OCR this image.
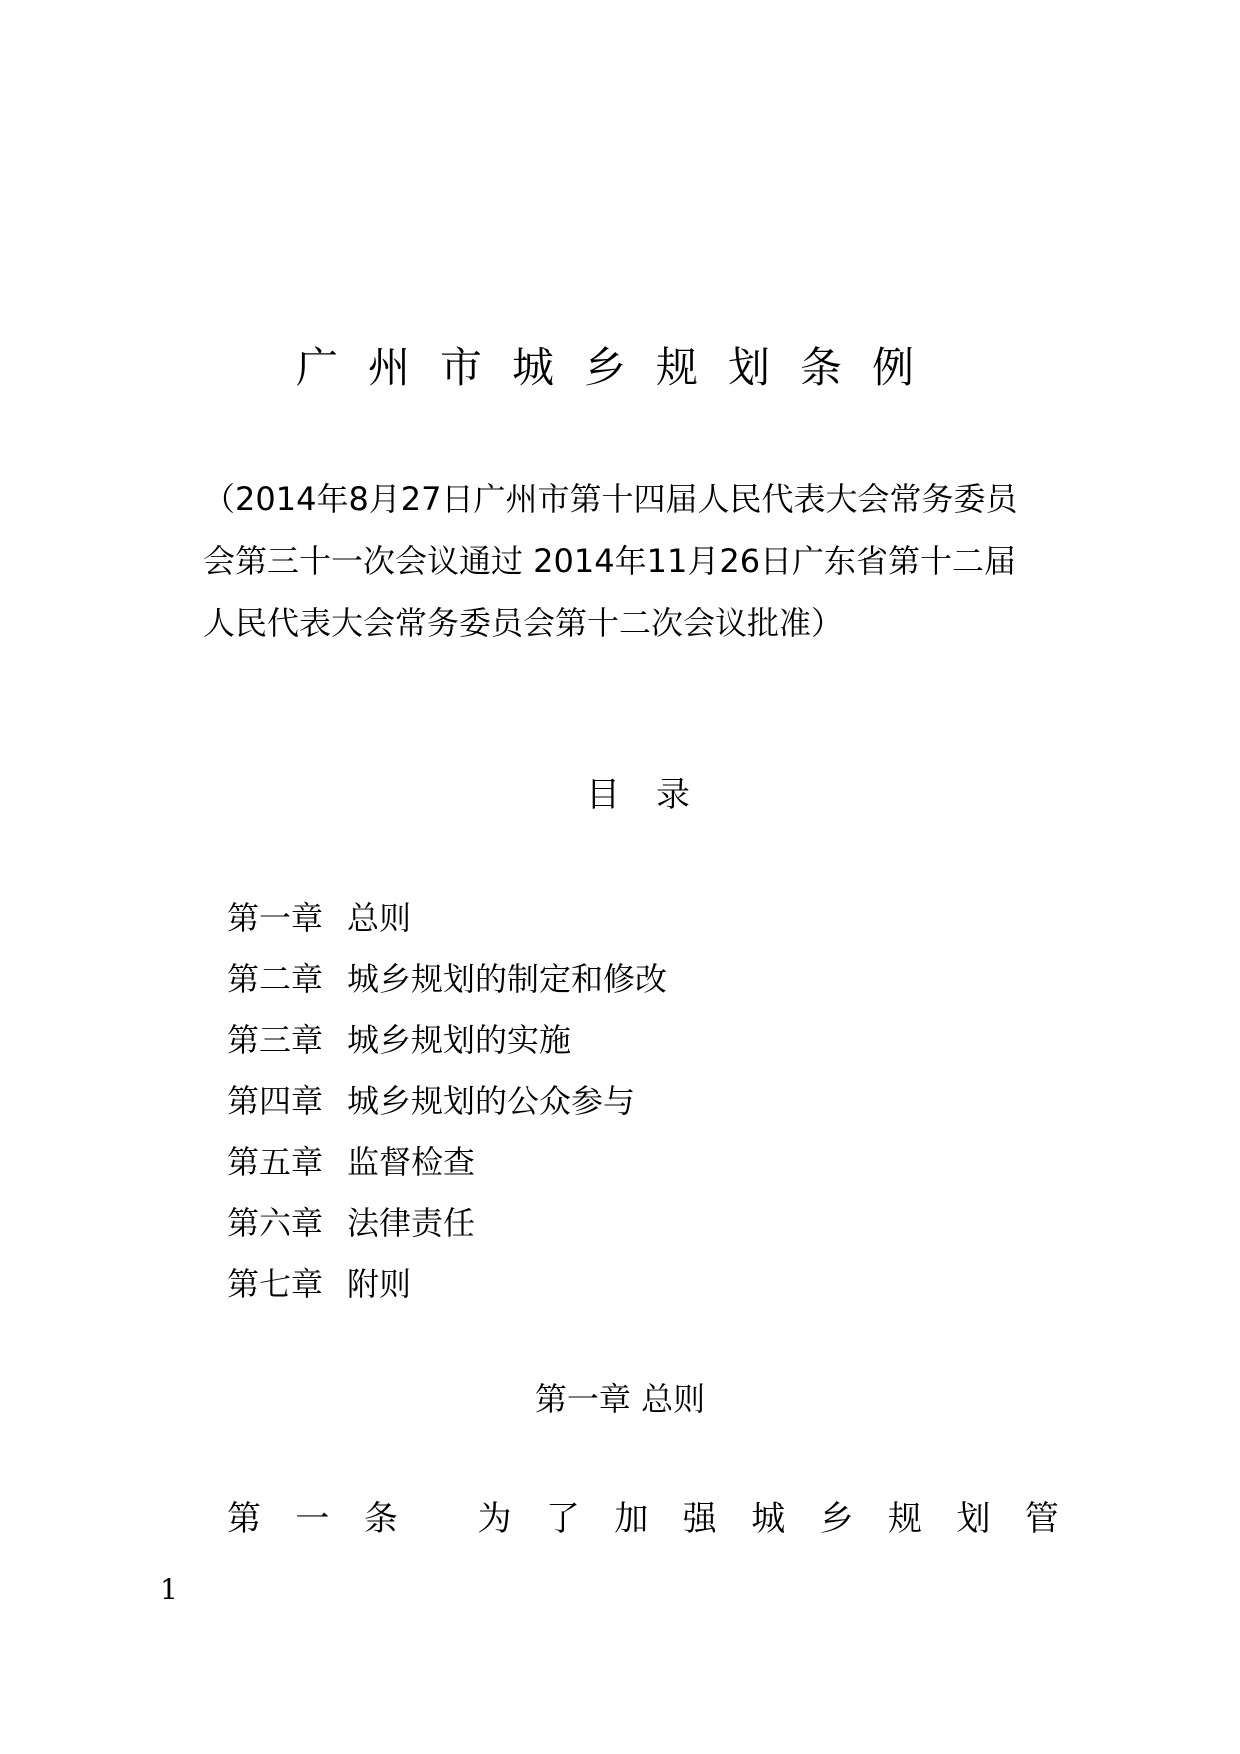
广州市城乡规划条例

（2014年8月27日广州市第十四届人民代表大会常务委员会第三十一次会议通过 2014年11月26日广东省第十二届人民代表大会常务委员会第十二次会议批准）

目录
第一章 总则
第二章 城乡规划的制定和修改
第三章 城乡规划的实施
第四章 城乡规划的公众参与
第五章 监督检查
第六章 法律责任
第七章 附则
第一章 总则
第 一 条
为 了 加 强 城 乡 规 划 管
1
